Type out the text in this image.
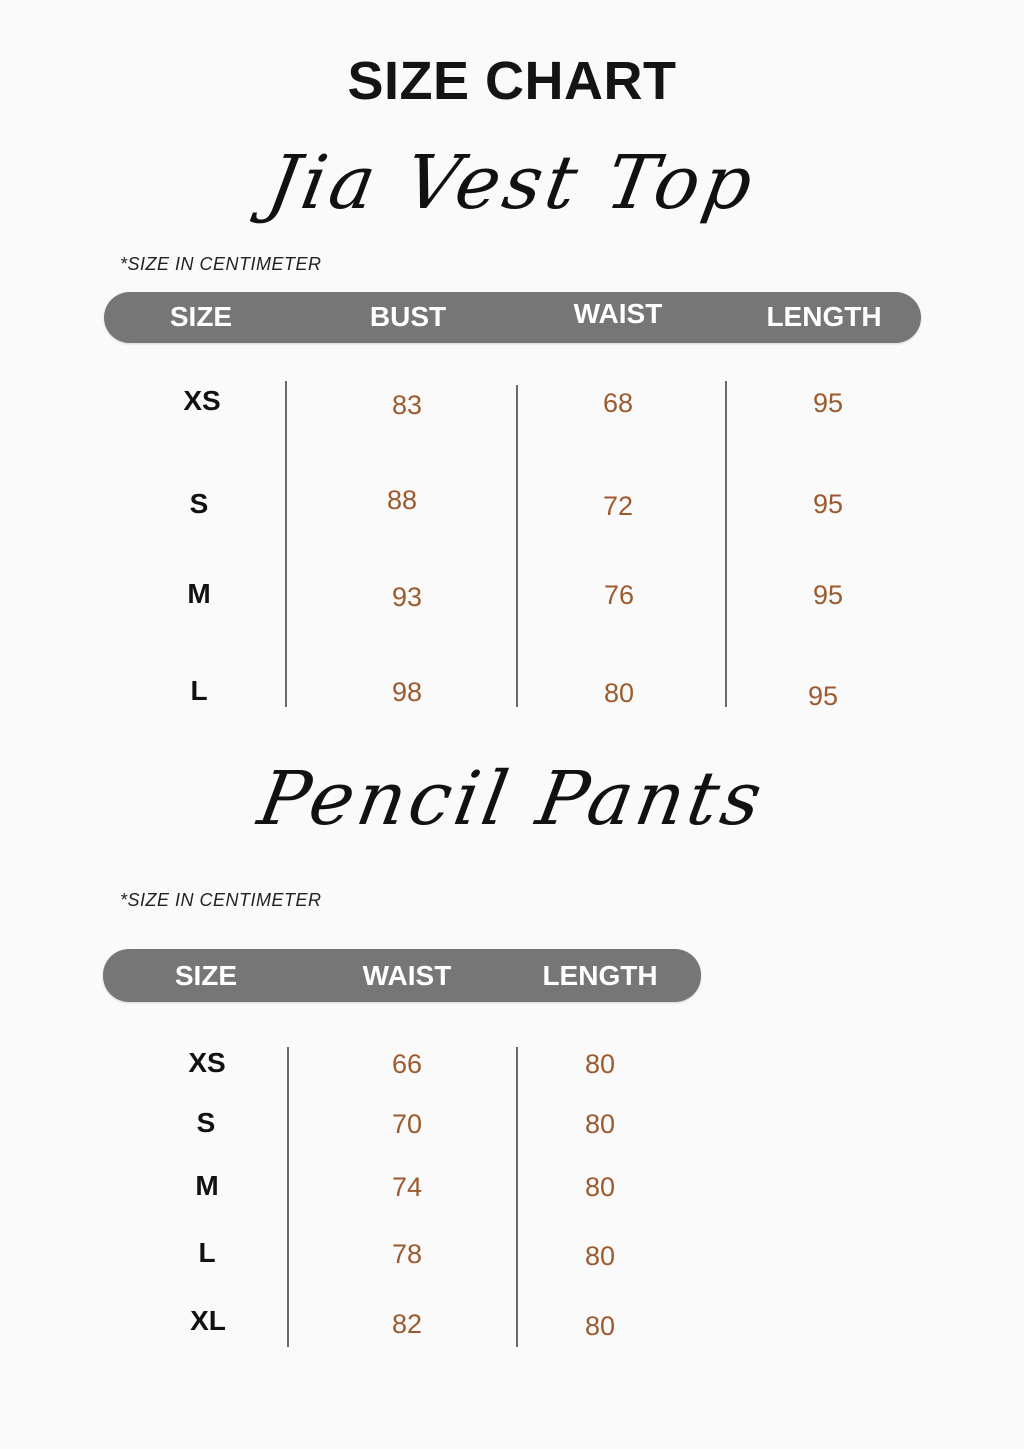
SIZE CHART
Jia Vest Top
*SIZE IN CENTIMETER
SIZE	BUST	WAIST	LENGTH
XS	83	68	95
S	88	72	95
M	93	76	95
L	98	80	95
Pencil Pants
*SIZE IN CENTIMETER
SIZE	WAIST	LENGTH
XS	66	80
S	70	80
M	74	80
L	78	80
XL	82	80
